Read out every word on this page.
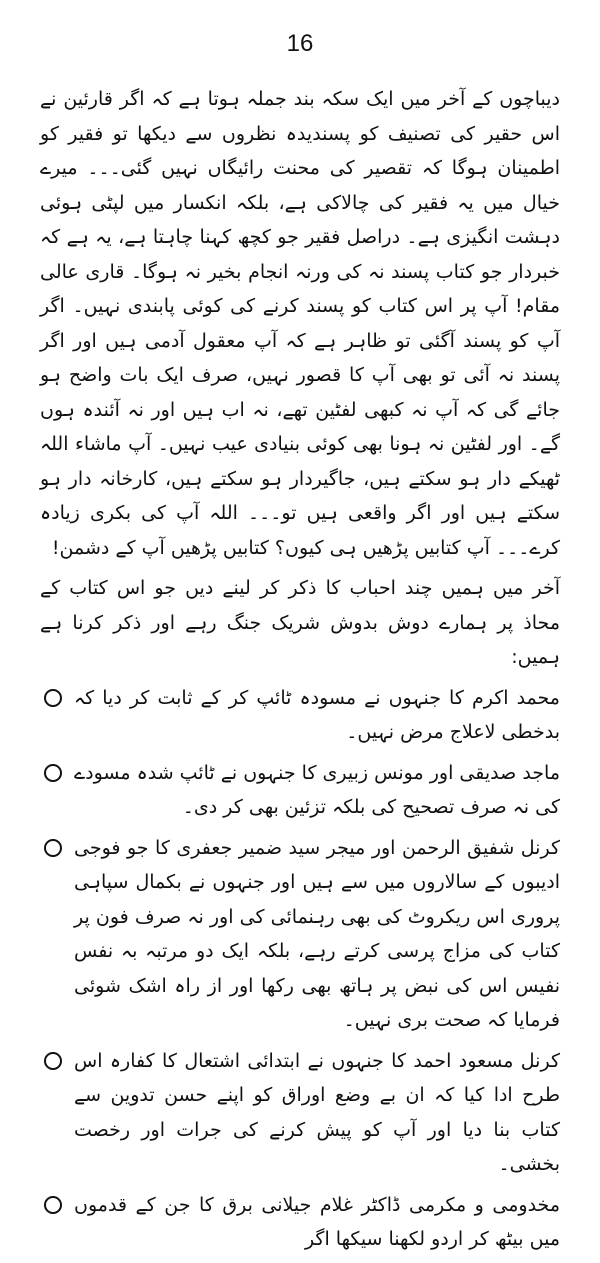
16

دیباچوں کے آخر میں ایک سکہ بند جملہ ہوتا ہے کہ اگر قارئین نے اس حقیر کی تصنیف کو پسندیدہ نظروں سے دیکھا تو فقیر کو اطمینان ہوگا کہ تقصیر کی محنت رائیگاں نہیں گئی۔۔۔ میرے خیال میں یہ فقیر کی چالاکی ہے، بلکہ انکسار میں لپٹی ہوئی دہشت انگیزی ہے۔ دراصل فقیر جو کچھ کہنا چاہتا ہے، یہ ہے کہ خبردار جو کتاب پسند نہ کی ورنہ انجام بخیر نہ ہوگا۔ قاری عالی مقام! آپ پر اس کتاب کو پسند کرنے کی کوئی پابندی نہیں۔ اگر آپ کو پسند آگئی تو ظاہر ہے کہ آپ معقول آدمی ہیں اور اگر پسند نہ آئی تو بھی آپ کا قصور نہیں، صرف ایک بات واضح ہو جائے گی کہ آپ نہ کبھی لفٹین تھے، نہ اب ہیں اور نہ آئندہ ہوں گے۔ اور لفٹین نہ ہونا بھی کوئی بنیادی عیب نہیں۔ آپ ماشاء اللہ ٹھیکے دار ہو سکتے ہیں، جاگیردار ہو سکتے ہیں، کارخانہ دار ہو سکتے ہیں اور اگر واقعی ہیں تو۔۔۔ اللہ آپ کی بکری زیادہ کرے۔۔۔ آپ کتابیں پڑھیں ہی کیوں؟ کتابیں پڑھیں آپ کے دشمن!

آخر میں ہمیں چند احباب کا ذکر کر لینے دیں جو اس کتاب کے محاذ پر ہمارے دوش بدوش شریک جنگ رہے اور ذکر کرنا ہے ہمیں:

محمد اکرم کا جنہوں نے مسودہ ٹائپ کر کے ثابت کر دیا کہ بدخطی لاعلاج مرض نہیں۔
ماجد صدیقی اور مونس زبیری کا جنہوں نے ٹائپ شدہ مسودے کی نہ صرف تصحیح کی بلکہ تزئین بھی کر دی۔
کرنل شفیق الرحمن اور میجر سید ضمیر جعفری کا جو فوجی ادیبوں کے سالاروں میں سے ہیں اور جنہوں نے بکمال سپاہی پروری اس ریکروٹ کی بھی رہنمائی کی اور نہ صرف فون پر کتاب کی مزاج پرسی کرتے رہے، بلکہ ایک دو مرتبہ بہ نفس نفیس اس کی نبض پر ہاتھ بھی رکھا اور از راہ اشک شوئی فرمایا کہ صحت بری نہیں۔
کرنل مسعود احمد کا جنہوں نے ابتدائی اشتعال کا کفارہ اس طرح ادا کیا کہ ان بے وضع اوراق کو اپنے حسن تدوین سے کتاب بنا دیا اور آپ کو پیش کرنے کی جرات اور رخصت بخشی۔
مخدومی و مکرمی ڈاکٹر غلام جیلانی برق کا جن کے قدموں میں بیٹھ کر اردو لکھنا سیکھا اگر
